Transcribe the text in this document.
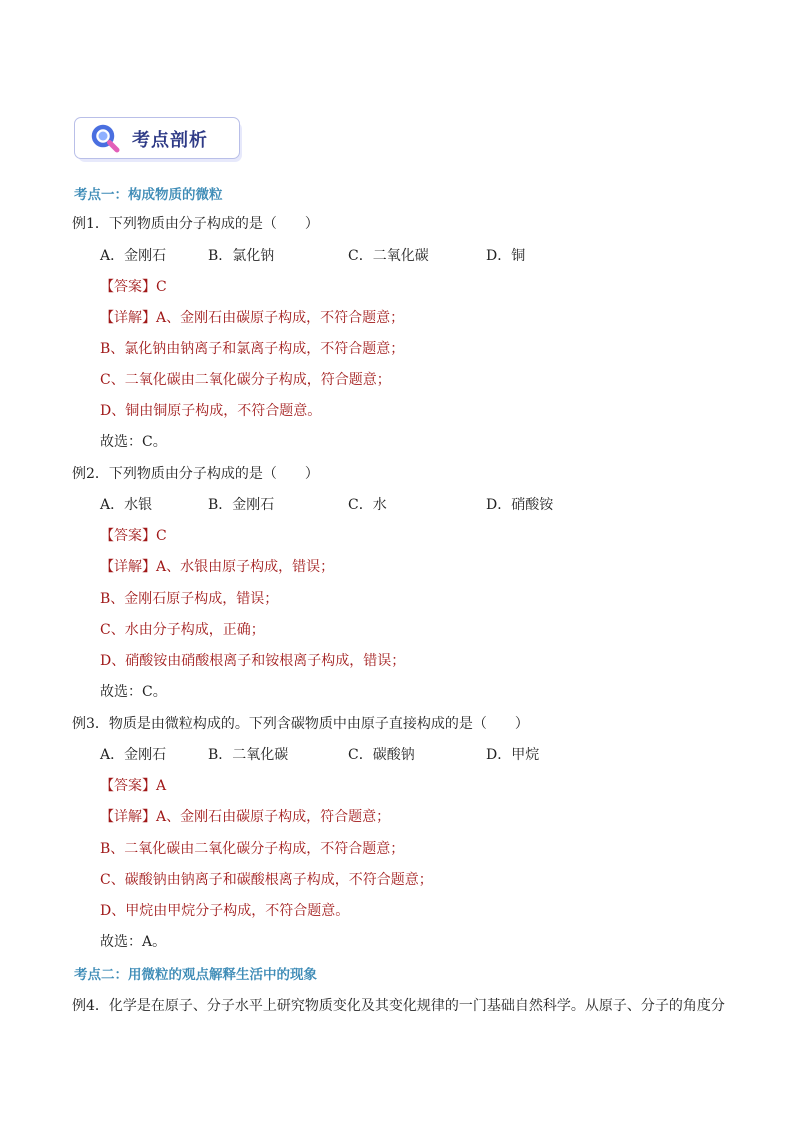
考点剖析
考点一：构成物质的微粒
例1．下列物质由分子构成的是（　　）
A．金刚石	B．氯化钠	C．二氧化碳	D．铜
【答案】C
【详解】A、金刚石由碳原子构成，不符合题意；
B、氯化钠由钠离子和氯离子构成，不符合题意；
C、二氧化碳由二氧化碳分子构成，符合题意；
D、铜由铜原子构成，不符合题意。
故选：C。
例2．下列物质由分子构成的是（　　）
A．水银	B．金刚石	C．水	D．硝酸铵
【答案】C
【详解】A、水银由原子构成，错误；
B、金刚石原子构成，错误；
C、水由分子构成，正确；
D、硝酸铵由硝酸根离子和铵根离子构成，错误；
故选：C。
例3．物质是由微粒构成的。下列含碳物质中由原子直接构成的是（　　）
A．金刚石	B．二氧化碳	C．碳酸钠	D．甲烷
【答案】A
【详解】A、金刚石由碳原子构成，符合题意；
B、二氧化碳由二氧化碳分子构成，不符合题意；
C、碳酸钠由钠离子和碳酸根离子构成，不符合题意；
D、甲烷由甲烷分子构成，不符合题意。
故选：A。
考点二：用微粒的观点解释生活中的现象
例4．化学是在原子、分子水平上研究物质变化及其变化规律的一门基础自然科学。从原子、分子的角度分
